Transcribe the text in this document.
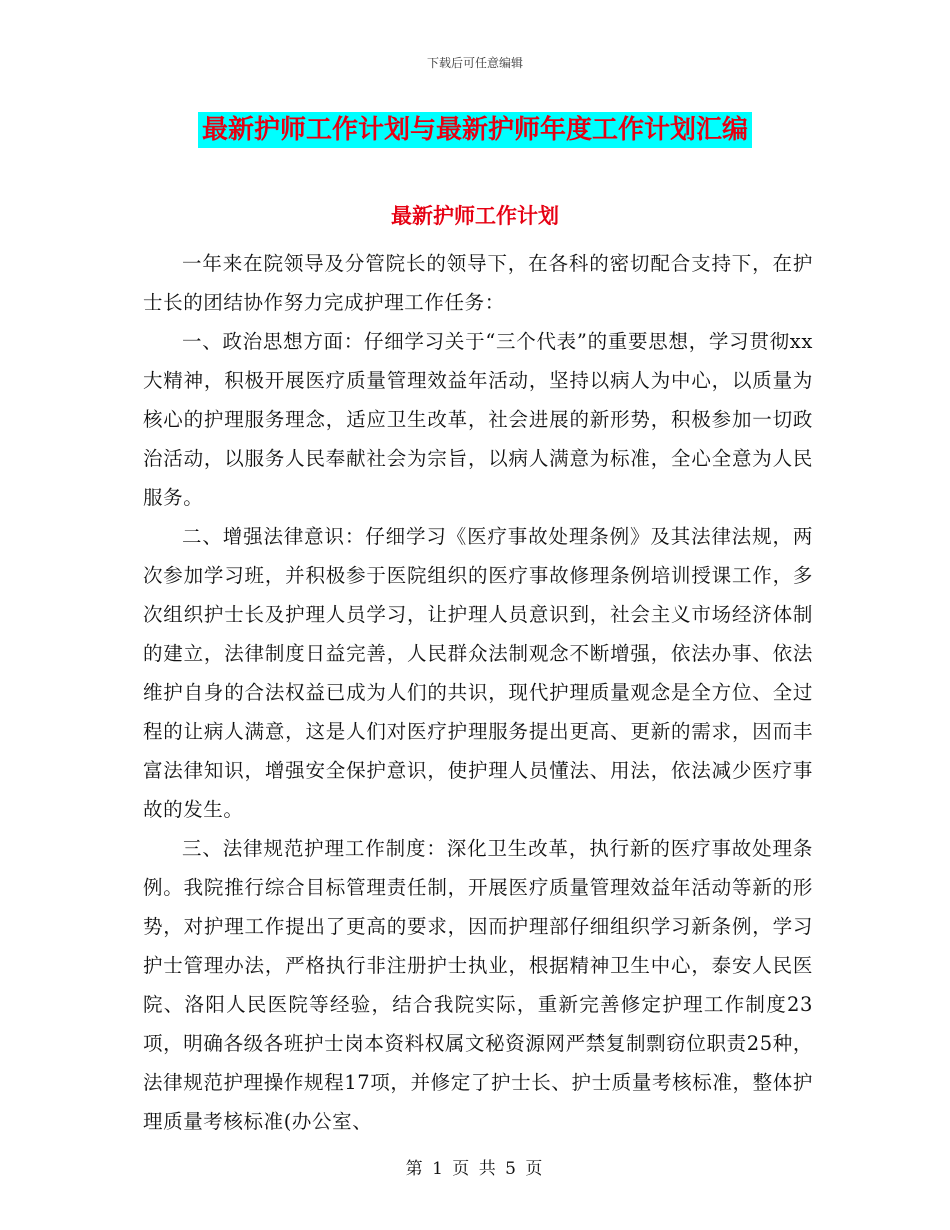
下载后可任意编辑
最新护师工作计划与最新护师年度工作计划汇编
最新护师工作计划

一年来在院领导及分管院长的领导下，在各科的密切配合支持下，在护士长的团结协作努力完成护理工作任务：

一、政治思想方面：仔细学习关于“三个代表”的重要思想，学习贯彻xx大精神，积极开展医疗质量管理效益年活动，坚持以病人为中心，以质量为核心的护理服务理念，适应卫生改革，社会进展的新形势，积极参加一切政治活动，以服务人民奉献社会为宗旨，以病人满意为标准，全心全意为人民服务。

二、增强法律意识：仔细学习《医疗事故处理条例》及其法律法规，两次参加学习班，并积极参于医院组织的医疗事故修理条例培训授课工作，多次组织护士长及护理人员学习，让护理人员意识到，社会主义市场经济体制的建立，法律制度日益完善，人民群众法制观念不断增强，依法办事、依法维护自身的合法权益已成为人们的共识，现代护理质量观念是全方位、全过程的让病人满意，这是人们对医疗护理服务提出更高、更新的需求，因而丰富法律知识，增强安全保护意识，使护理人员懂法、用法，依法减少医疗事故的发生。

三、法律规范护理工作制度：深化卫生改革，执行新的医疗事故处理条例。我院推行综合目标管理责任制，开展医疗质量管理效益年活动等新的形势，对护理工作提出了更高的要求，因而护理部仔细组织学习新条例，学习护士管理办法，严格执行非注册护士执业，根据精神卫生中心，泰安人民医院、洛阳人民医院等经验，结合我院实际，重新完善修定护理工作制度23项，明确各级各班护士岗本资料权属文秘资源网严禁复制剽窃位职责25种，法律规范护理操作规程17项，并修定了护士长、护士质量考核标准，整体护理质量考核标准(办公室、

第 1 页 共 5 页
